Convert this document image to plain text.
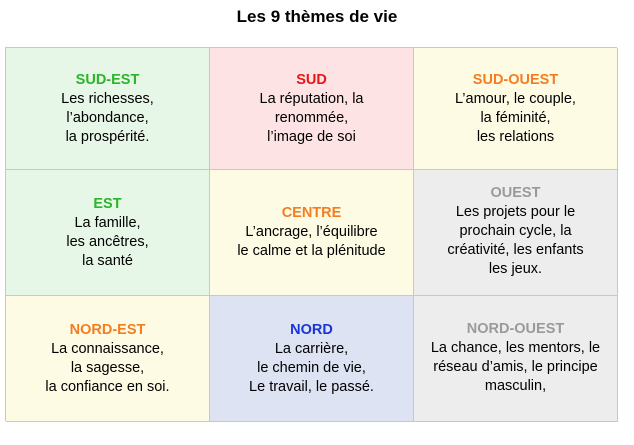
Les 9 thèmes de vie
SUD-EST
Les richesses,
l’abondance,
la prospérité.
SUD
La réputation, la
renommée,
l’image de soi
SUD-OUEST
L’amour, le couple,
la féminité,
les relations
EST
La famille,
les ancêtres,
la santé
CENTRE
L’ancrage, l’équilibre
le calme et la plénitude
OUEST
Les projets pour le
prochain cycle, la
créativité, les enfants
les jeux.
NORD-EST
La connaissance,
la sagesse,
la confiance en soi.
NORD
La carrière,
le chemin de vie,
Le travail, le passé.
NORD-OUEST
La chance, les mentors, le
réseau d’amis, le principe
masculin,
